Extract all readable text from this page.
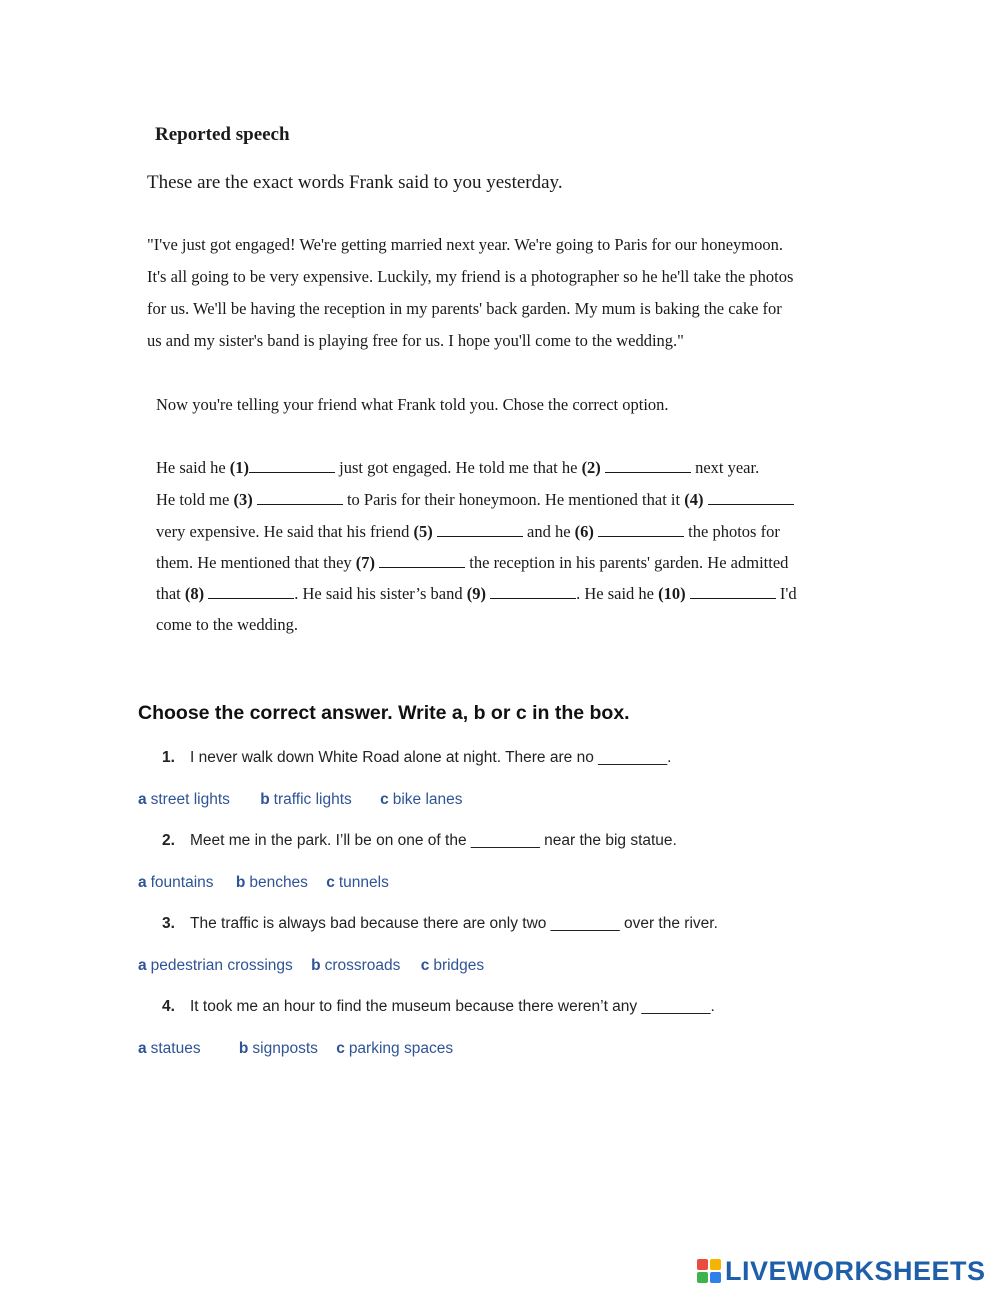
Reported speech
These are the exact words Frank said to you yesterday.
"I've just got engaged! We're getting married next year. We're going to Paris for our honeymoon.
It's all going to be very expensive. Luckily, my friend is a photographer so he he'll take the photos
for us. We'll be having the reception in my parents' back garden. My mum is baking the cake for
us and my sister's band is playing free for us. I hope you'll come to the wedding."
Now you're telling your friend what Frank told you. Chose the correct option.
He said he (1)	just got engaged. He told me that he (2)	next year.
He told me (3)	to Paris for their honeymoon. He mentioned that it (4)
very expensive. He said that his friend (5)	and he (6)	the photos for
them. He mentioned that they (7)	the reception in his parents' garden. He admitted
that (8)	. He said his sister’s band (9)	. He said he (10)	I'd
come to the wedding.
Choose the correct answer. Write a, b or c in the box.
1. I never walk down White Road alone at night. There are no ________.
a street lights b traffic lights c bike lanes
2. Meet me in the park. I’ll be on one of the ________ near the big statue.
a fountains b benches c tunnels
3. The traffic is always bad because there are only two ________ over the river.
a pedestrian crossings b crossroads c bridges
4. It took me an hour to find the museum because there weren’t any ________.
a statues b signposts c parking spaces
LIVEWORKSHEETS
